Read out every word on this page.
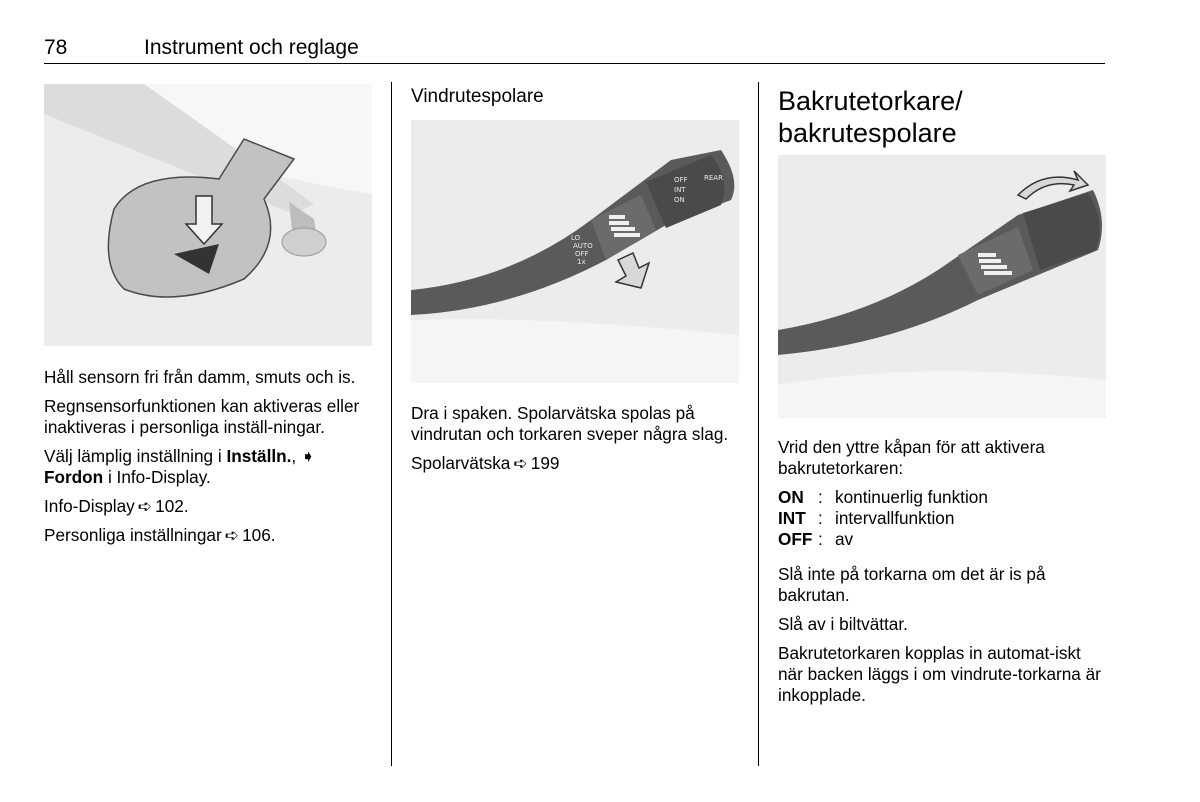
78	Instrument och reglage

Håll sensorn fri från damm, smuts och is.

Regnsensorfunktionen kan aktiveras eller inaktiveras i personliga inställ-ningar.

Välj lämplig inställning i Inställn., ➧ Fordon i Info-Display.

Info-Display ➪ 102.

Personliga inställningar ➪ 106.

Vindrutespolare
LO
AUTO
OFF
1x
OFF
INT
ON
REAR

Dra i spaken. Spolarvätska spolas på vindrutan och torkaren sveper några slag.

Spolarvätska ➪ 199

Bakrutetorkare/
bakrutespolare

Vrid den yttre kåpan för att aktivera bakrutetorkaren:

ON : kontinuerlig funktion
INT : intervallfunktion
OFF : av

Slå inte på torkarna om det är is på bakrutan.

Slå av i biltvättar.

Bakrutetorkaren kopplas in automat-iskt när backen läggs i om vindrute-torkarna är inkopplade.
